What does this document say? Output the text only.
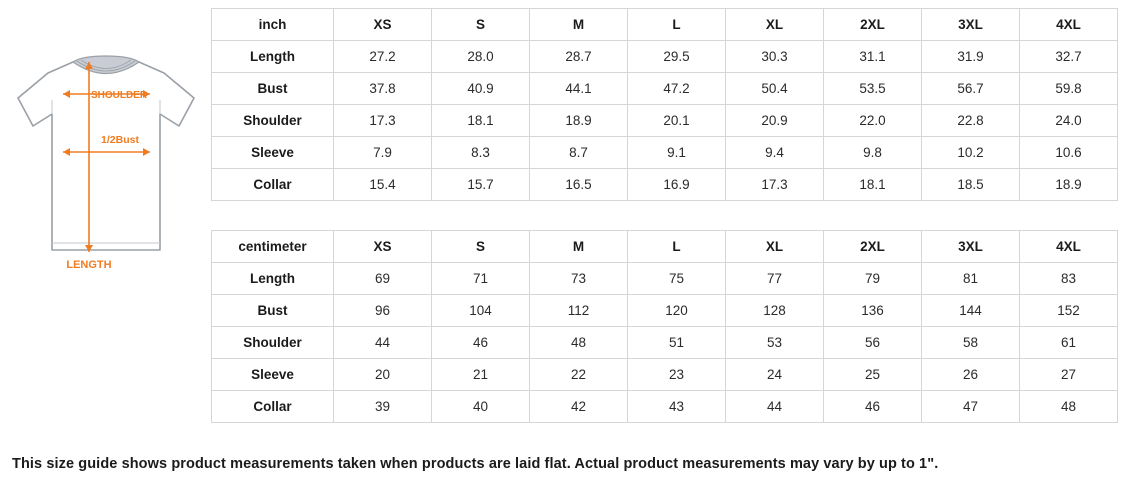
SHOULDER
1/2Bust
LENGTH
inch	XS	S	M	L	XL	2XL	3XL	4XL
Length	27.2	28.0	28.7	29.5	30.3	31.1	31.9	32.7
Bust	37.8	40.9	44.1	47.2	50.4	53.5	56.7	59.8
Shoulder	17.3	18.1	18.9	20.1	20.9	22.0	22.8	24.0
Sleeve	7.9	8.3	8.7	9.1	9.4	9.8	10.2	10.6
Collar	15.4	15.7	16.5	16.9	17.3	18.1	18.5	18.9
centimeter	XS	S	M	L	XL	2XL	3XL	4XL
Length	69	71	73	75	77	79	81	83
Bust	96	104	112	120	128	136	144	152
Shoulder	44	46	48	51	53	56	58	61
Sleeve	20	21	22	23	24	25	26	27
Collar	39	40	42	43	44	46	47	48
This size guide shows product measurements taken when products are laid flat. Actual product measurements may vary by up to 1".
